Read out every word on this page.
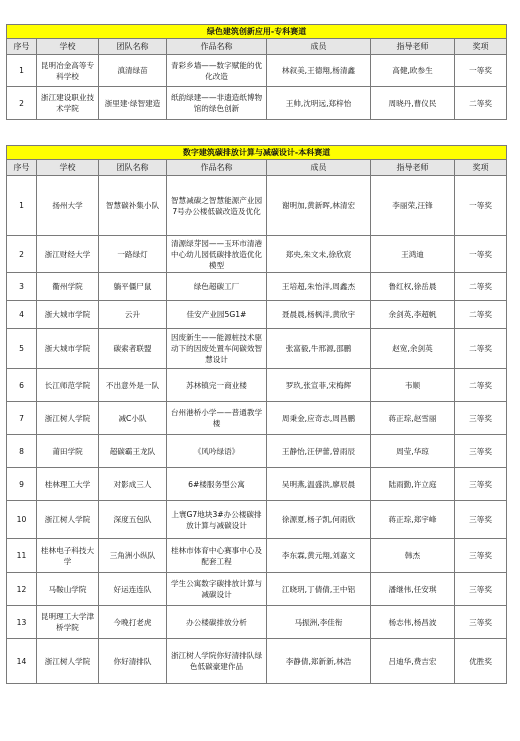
绿色建筑创新应用-专科赛道						
序号	学校	团队名称	作品名称	成员	指导老师	奖项
1	昆明冶金高等专科学校	滇清绿苗	青彩乡墙——数字赋能的优化改造	林叙美,王德翔,杨清鑫	高健,欧参生	一等奖
2	浙江建设职业技术学院	浙里建·绿智建造	纸韵绿建——非遗造纸博物馆的绿色创新	王帅,沈明远,郑梓怡	周晓丹,曹仪民	二等奖
数字建筑碳排放计算与减碳设计-本科赛道						
序号	学校	团队名称	作品名称	成员	指导老师	奖项
1	扬州大学	智慧碳补集小队	智慧减碳之智慧能源产业园7号办公楼低碳改造及优化	谢明加,黄新晖,林清宏	李丽荣,汪锋	一等奖
2	浙江财经大学	一路绿灯	清源绿芽园——玉环市清港中心幼儿园低碳排放造优化模型	郑央,朱文未,徐欣宸	王鸿迪	一等奖
3	衢州学院	躺平僵尸鼠	绿色超碳工厂	王培超,朱怡洋,周鑫杰	鲁红权,徐岳晨	二等奖
4	浙大城市学院	云升	佳安产业园5G1#	聂晨晨,杨枫洋,黄欣宇	余剑英,李超帆	二等奖
5	浙大城市学院	碳索者联盟	因废新生——能源桩技术驱动下的因废处置车间碳效智慧设计	张富毅,牛邢源,邵鹏	赵宽,余剑英	二等奖
6	长江师范学院	不出意外是一队	苏林镇完一商业楼	罗玖,张宣菲,宋梅辉	韦顺	二等奖
7	浙江树人学院	减C小队	台州港桥小学——普通教学楼	周秉金,应奇志,周昌鹏	蒋正琮,赵雪丽	三等奖
8	莆田学院	超碳霸王龙队	《风吟绿语》	王静怡,汪伊蕾,曾雨辰	周莹,华琼	三等奖
9	桂林理工大学	对影成三人	6#楼服务型公寓	吴明燕,温盛洪,廖辰晨	陆雨勤,许立庭	三等奖
10	浙江树人学院	深度五包队	上寰G7地块3#办公楼碳排放计算与减碳设计	徐源夏,杨子凯,何雨欣	蒋正琮,郑宇峰	三等奖
11	桂林电子科技大学	三角洲小纵队	桂林市体育中心赛事中心及配套工程	李东霖,黄元翔,刘嘉文	韩杰	三等奖
12	马鞍山学院	好运连连队	学生公寓数字碳排放计算与减碳设计	江晓玥,丁倩倩,王中铝	潘继伟,任安琪	三等奖
13	昆明理工大学津桥学院	今晚打老虎	办公楼碳排放分析	马振洲,李佳衔	杨志伟,杨昌波	三等奖
14	浙江树人学院	你好清排队	浙江树人学院你好清排队绿色低碳豪建作品	李静倩,郑新新,林浩	吕迪华,费吉宏	优胜奖
